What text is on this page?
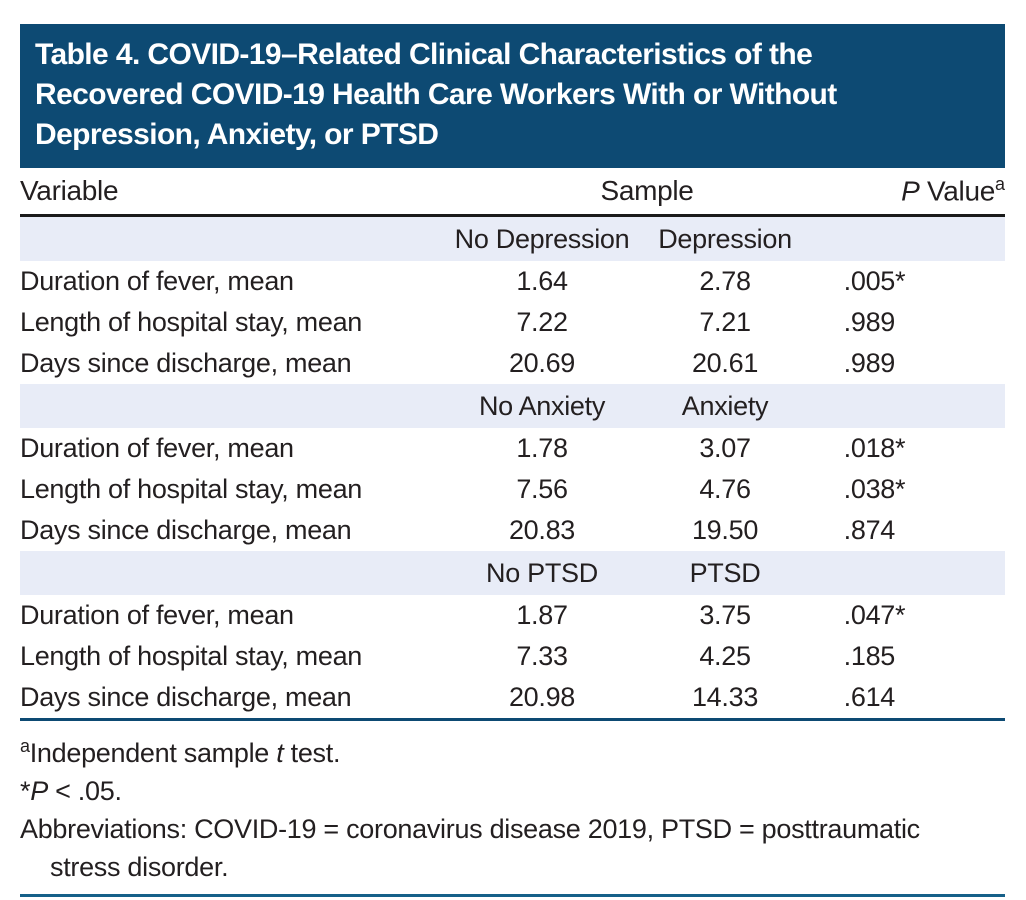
Table 4. COVID-19–Related Clinical Characteristics of the
Recovered COVID-19 Health Care Workers With or Without
Depression, Anxiety, or PTSD
Variable	Sample		P Value$^a$
	No Depression	Depression	
Duration of fever, mean	1.64	2.78	.005*
Length of hospital stay, mean	7.22	7.21	.989
Days since discharge, mean	20.69	20.61	.989
	No Anxiety	Anxiety	
Duration of fever, mean	1.78	3.07	.018*
Length of hospital stay, mean	7.56	4.76	.038*
Days since discharge, mean	20.83	19.50	.874
	No PTSD	PTSD	
Duration of fever, mean	1.87	3.75	.047*
Length of hospital stay, mean	7.33	4.25	.185
Days since discharge, mean	20.98	14.33	.614

$^a$Independent sample t test.

*P < .05.

Abbreviations: COVID-19 = coronavirus disease 2019, PTSD = posttraumatic
stress disorder.
